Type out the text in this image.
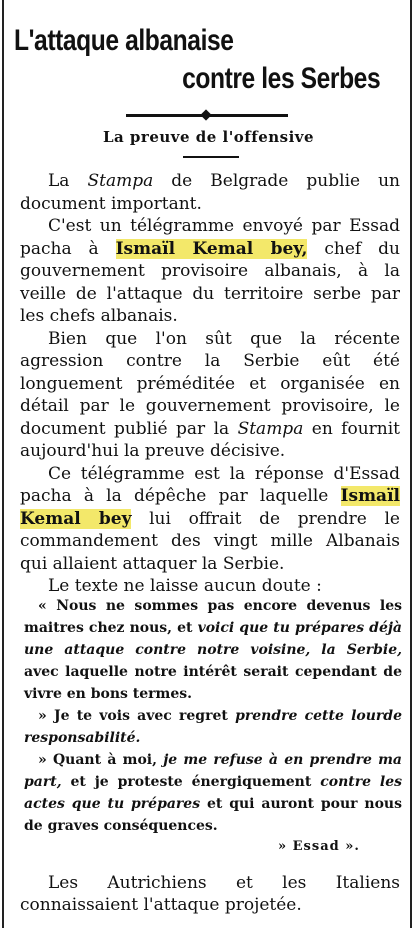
L'attaque albanaise
contre les Serbes
La preuve de l'offensive

La Stampa de Belgrade publie un document important.

C'est un télégramme envoyé par Essad pacha à Ismaïl Kemal bey, chef du gouvernement provisoire albanais, à la veille de l'attaque du territoire serbe par les chefs albanais.

Bien que l'on sût que la récente agression contre la Serbie eût été longuement préméditée et organisée en détail par le gouvernement provisoire, le document publié par la Stampa en fournit aujourd'hui la preuve décisive.

Ce télégramme est la réponse d'Essad pacha à la dépêche par laquelle Ismaïl Kemal bey lui offrait de prendre le commandement des vingt mille Albanais qui allaient attaquer la Serbie.

Le texte ne laisse aucun doute :

« Nous ne sommes pas encore devenus les maitres chez nous, et voici que tu prépares déjà une attaque contre notre voisine, la Serbie, avec laquelle notre intérêt serait cependant de vivre en bons termes.

» Je te vois avec regret prendre cette lourde responsabilité.

» Quant à moi, je me refuse à en prendre ma part, et je proteste énergiquement contre les actes que tu prépares et qui auront pour nous de graves conséquences.

» Essad ».

Les Autrichiens et les Italiens connaissaient l'attaque projetée.
